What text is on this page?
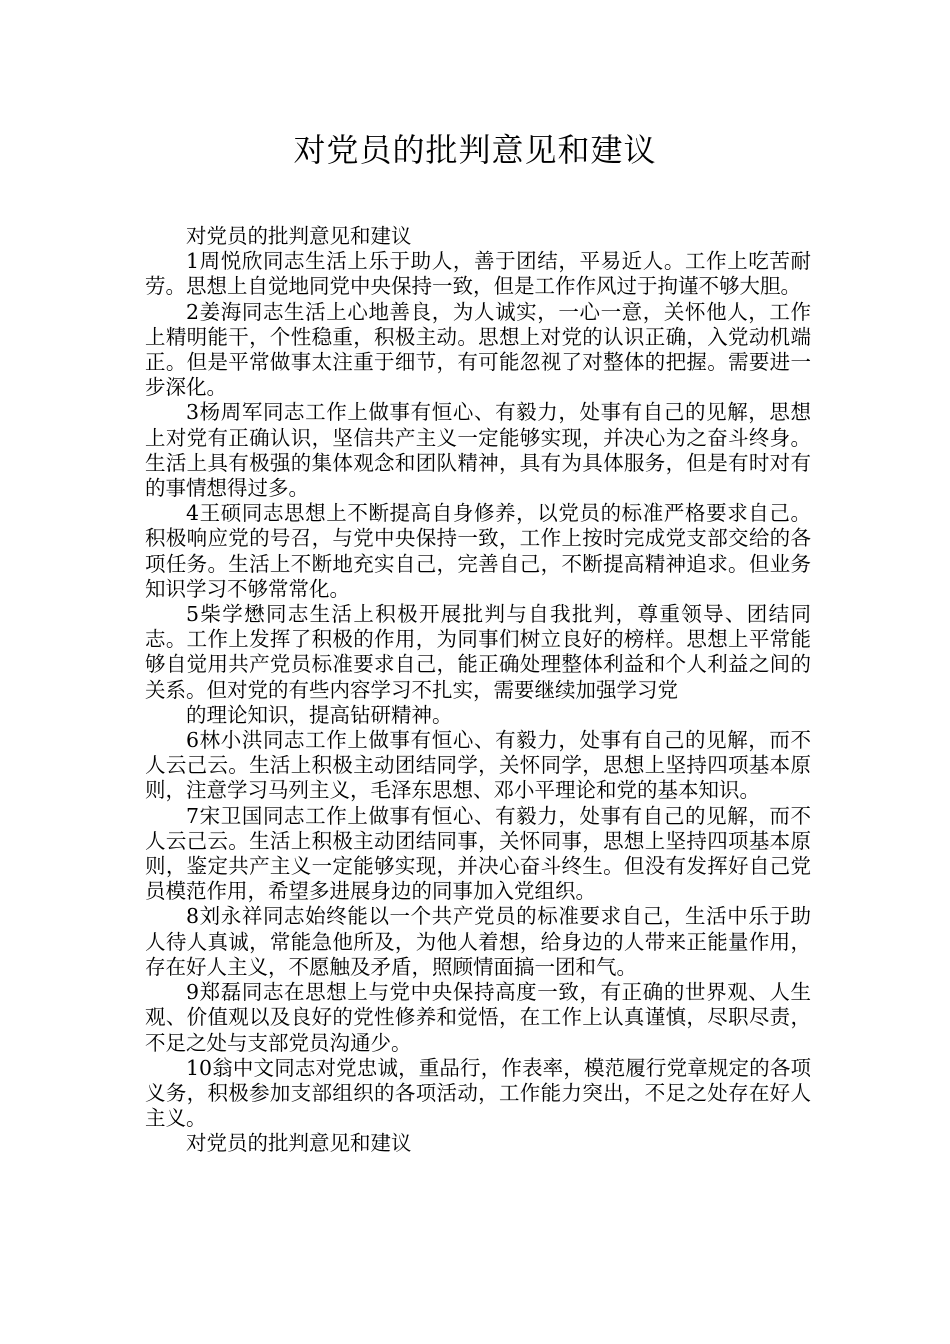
对党员的批判意见和建议

对党员的批判意见和建议

1周悦欣同志生活上乐于助人，善于团结，平易近人。工作上吃苦耐劳。思想上自觉地同党中央保持一致，但是工作作风过于拘谨不够大胆。

2姜海同志生活上心地善良，为人诚实，一心一意，关怀他人，工作上精明能干，个性稳重，积极主动。思想上对党的认识正确，入党动机端正。但是平常做事太注重于细节，有可能忽视了对整体的把握。需要进一步深化。

3杨周军同志工作上做事有恒心、有毅力，处事有自己的见解，思想上对党有正确认识，坚信共产主义一定能够实现，并决心为之奋斗终身。生活上具有极强的集体观念和团队精神，具有为具体服务，但是有时对有的事情想得过多。

4王硕同志思想上不断提高自身修养，以党员的标准严格要求自己。积极响应党的号召，与党中央保持一致，工作上按时完成党支部交给的各项任务。生活上不断地充实自己，完善自己，不断提高精神追求。但业务知识学习不够常常化。

5柴学懋同志生活上积极开展批判与自我批判，尊重领导、团结同志。工作上发挥了积极的作用，为同事们树立良好的榜样。思想上平常能够自觉用共产党员标准要求自己，能正确处理整体利益和个人利益之间的关系。但对党的有些内容学习不扎实，需要继续加强学习党

的理论知识，提高钻研精神。

6林小洪同志工作上做事有恒心、有毅力，处事有自己的见解，而不人云己云。生活上积极主动团结同学，关怀同学，思想上坚持四项基本原则，注意学习马列主义，毛泽东思想、邓小平理论和党的基本知识。

7宋卫国同志工作上做事有恒心、有毅力，处事有自己的见解，而不人云己云。生活上积极主动团结同事，关怀同事，思想上坚持四项基本原则，鉴定共产主义一定能够实现，并决心奋斗终生。但没有发挥好自己党员模范作用，希望多进展身边的同事加入党组织。

8刘永祥同志始终能以一个共产党员的标准要求自己，生活中乐于助人待人真诚，常能急他所及，为他人着想，给身边的人带来正能量作用，存在好人主义，不愿触及矛盾，照顾情面搞一团和气。

9郑磊同志在思想上与党中央保持高度一致，有正确的世界观、人生观、价值观以及良好的党性修养和觉悟，在工作上认真谨慎，尽职尽责，不足之处与支部党员沟通少。

10翁中文同志对党忠诚，重品行，作表率，模范履行党章规定的各项义务，积极参加支部组织的各项活动，工作能力突出，不足之处存在好人主义。

对党员的批判意见和建议
